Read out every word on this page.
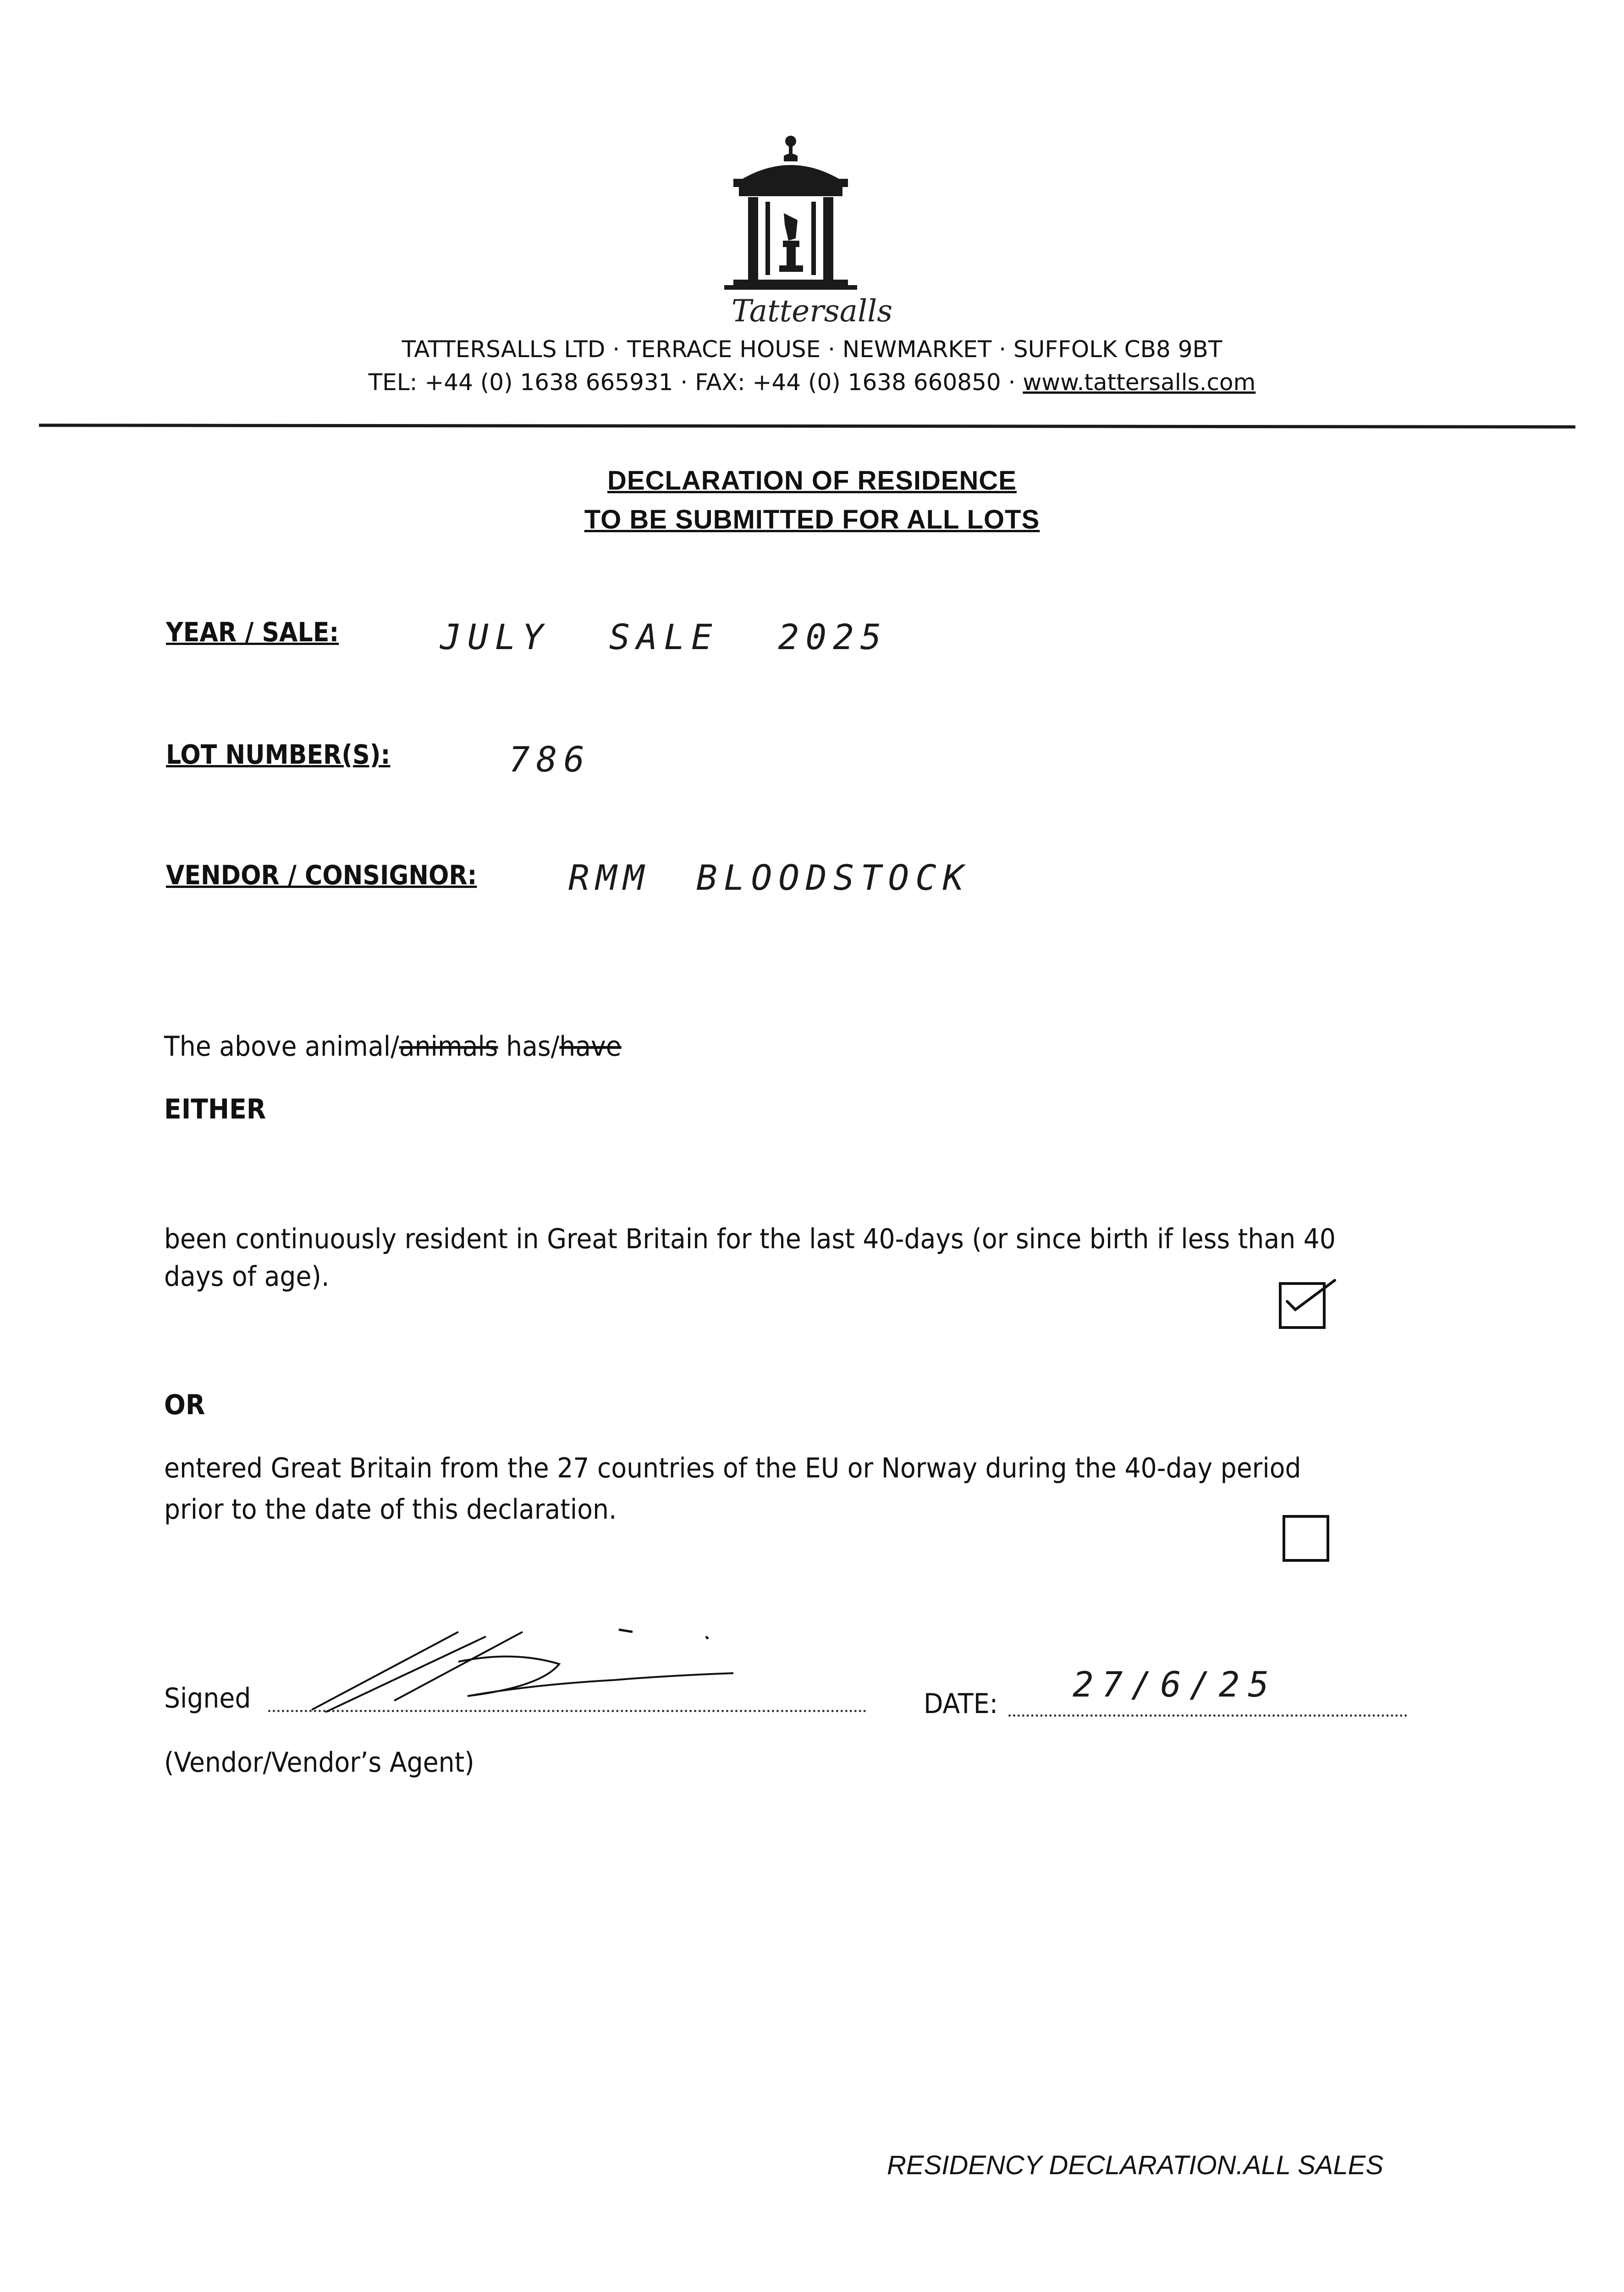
Tattersalls
TATTERSALLS LTD · TERRACE HOUSE · NEWMARKET · SUFFOLK CB8 9BT
TEL: +44 (0) 1638 665931 · FAX: +44 (0) 1638 660850 · www.tattersalls.com
DECLARATION OF RESIDENCE
TO BE SUBMITTED FOR ALL LOTS
YEAR / SALE:	JULY SALE 2025
LOT NUMBER(S):	786
VENDOR / CONSIGNOR:	RMM BLOODSTOCK
The above animal/animals has/have
EITHER
been continuously resident in Great Britain for the last 40-days (or since birth if less than 40
days of age).
OR
entered Great Britain from the 27 countries of the EU or Norway during the 40-day period
prior to the date of this declaration.
Signed	DATE: 27/6/25
(Vendor/Vendor’s Agent)
RESIDENCY DECLARATION.ALL SALES
